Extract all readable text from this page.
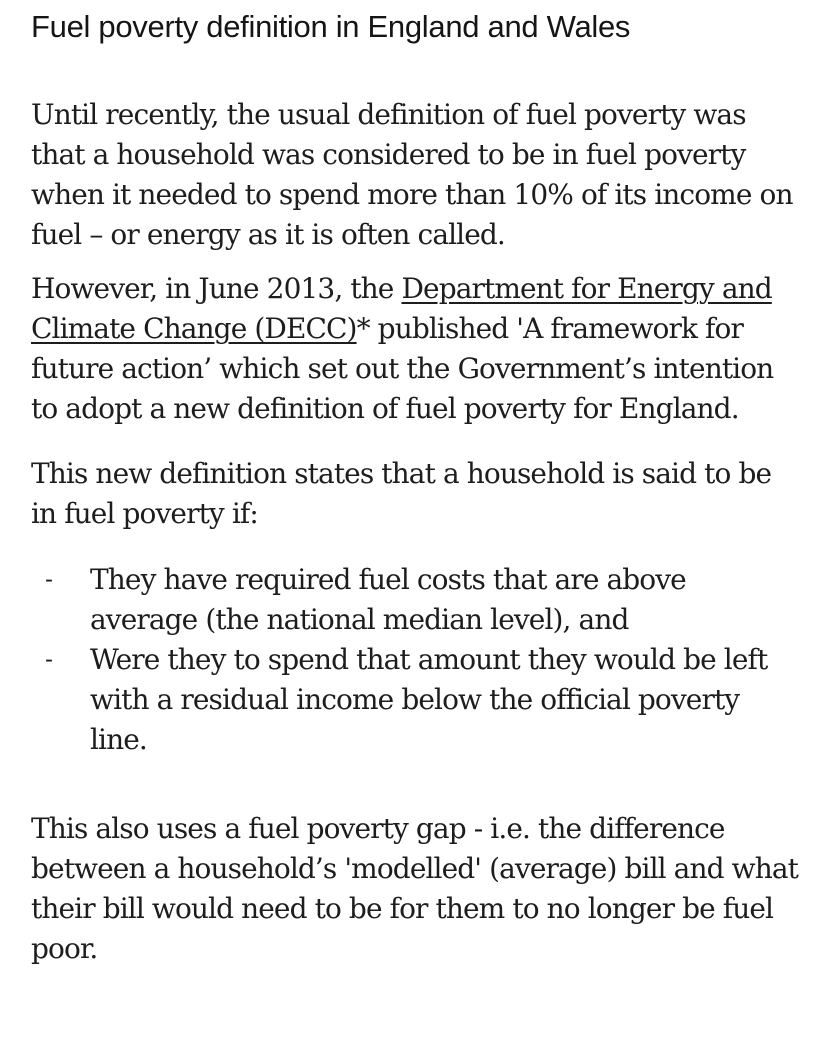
Fuel poverty definition in England and Wales

Until recently, the usual definition of fuel poverty was that a household was considered to be in fuel poverty when it needed to spend more than 10% of its income on fuel – or energy as it is often called.

However, in June 2013, the Department for Energy and Climate Change (DECC)* published 'A framework for future action’ which set out the Government’s intention to adopt a new definition of fuel poverty for England.

This new definition states that a household is said to be in fuel poverty if:

- They have required fuel costs that are above average (the national median level), and
- Were they to spend that amount they would be left with a residual income below the official poverty line.

This also uses a fuel poverty gap - i.e. the difference between a household’s 'modelled' (average) bill and what their bill would need to be for them to no longer be fuel poor.
